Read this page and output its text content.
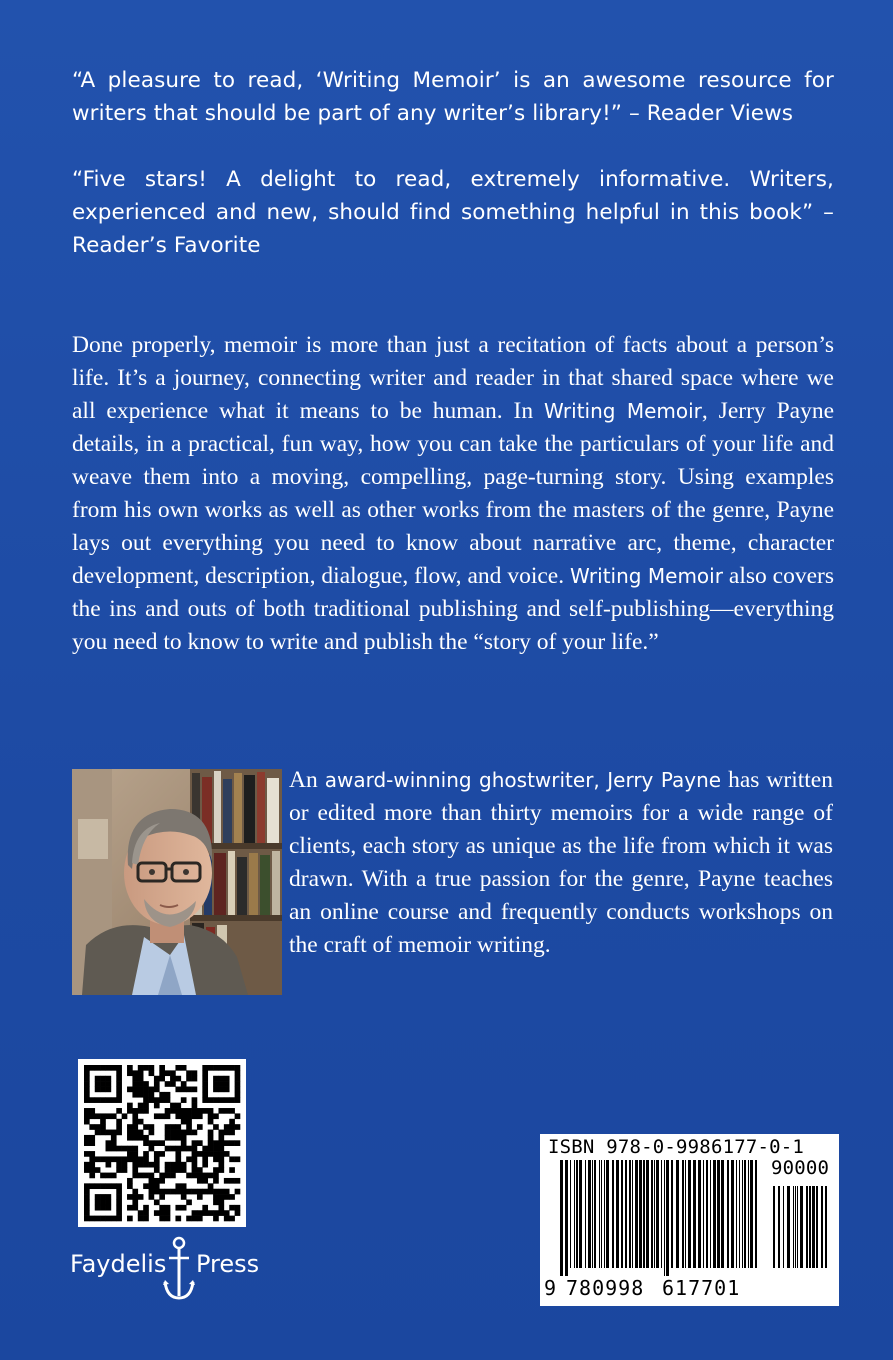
“A pleasure to read, ‘Writing Memoir’ is an awesome resource for writers that should be part of any writer’s library!” – Reader Views
“Five stars! A delight to read, extremely informative. Writers, experienced and new, should find something helpful in this book” – Reader’s Favorite
Done properly, memoir is more than just a recitation of facts about a person’s life. It’s a journey, connecting writer and reader in that shared space where we all experience what it means to be human. In Writing Memoir, Jerry Payne details, in a practical, fun way, how you can take the particulars of your life and weave them into a moving, compelling, page-turning story. Using examples from his own works as well as other works from the masters of the genre, Payne lays out everything you need to know about narrative arc, theme, character development, description, dialogue, flow, and voice. Writing Memoir also covers the ins and outs of both traditional publishing and self-publishing—everything you need to know to write and publish the “story of your life.”
An award-winning ghostwriter, Jerry Payne has written or edited more than thirty memoirs for a wide range of clients, each story as unique as the life from which it was drawn. With a true passion for the genre, Payne teaches an online course and frequently conducts workshops on the craft of memoir writing.
Faydelis Press
ISBN 978-0-9986177-0-1
90000
9 780998 617701
